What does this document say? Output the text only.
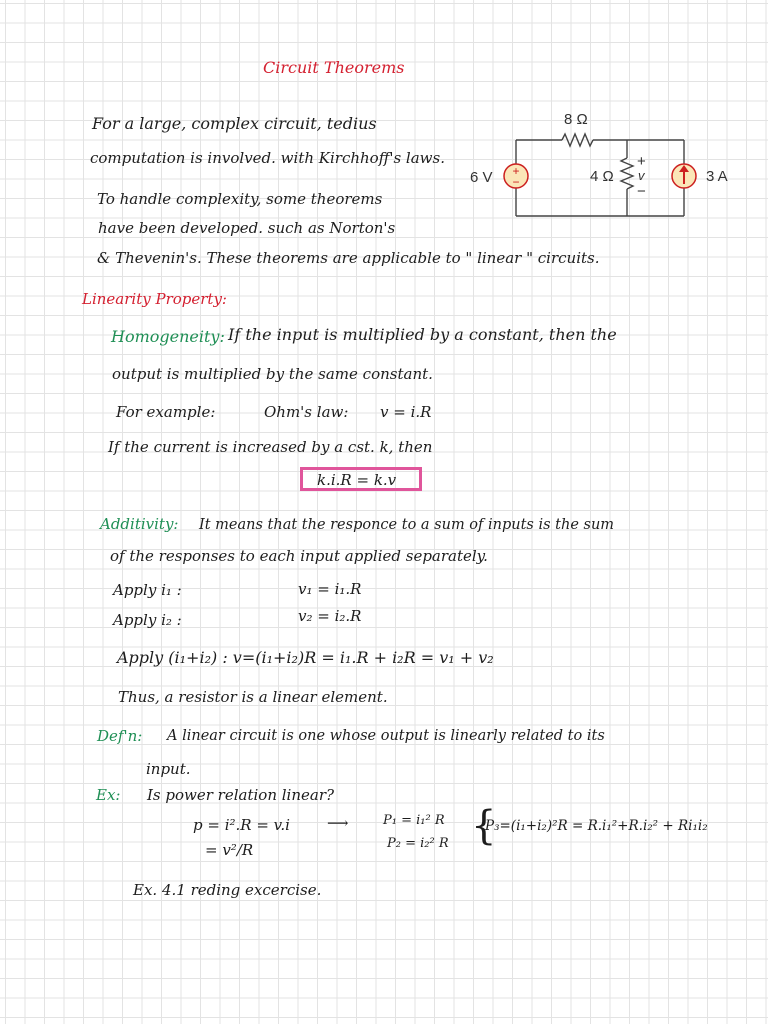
Circuit Theorems
For a large, complex circuit, tedius
computation is involved. with Kirchhoff's laws.
To handle complexity, some theorems
have been developed. such as Norton's
& Thevenin's. These theorems are applicable to " linear " circuits.
+
−
6 V
8 Ω
4 Ω	3 A
+
v
−
Linearity Property:
Homogeneity: If the input is multiplied by a constant, then the
output is multiplied by the same constant.
For example:	Ohm's law: v = i.R
If the current is increased by a cst. k, then
k.i.R = k.v
Additivity: It means that the responce to a sum of inputs is the sum
of the responses to each input applied separately.
Apply i₁ :	v₁ = i₁.R
Apply i₂ :	v₂ = i₂.R
Apply (i₁+i₂) : v=(i₁+i₂)R = i₁.R + i₂R = v₁ + v₂
Thus, a resistor is a linear element.
Def'n: A linear circuit is one whose output is linearly related to its
input.
Ex: Is power relation linear?
p = i².R = v.i ⟶
= v²/R
P₁ = i₁² R
P₂ = i₂² R }
P₃=(i₁+i₂)²R = R.i₁²+R.i₂² + Ri₁i₂
Ex. 4.1 reding excercise.
